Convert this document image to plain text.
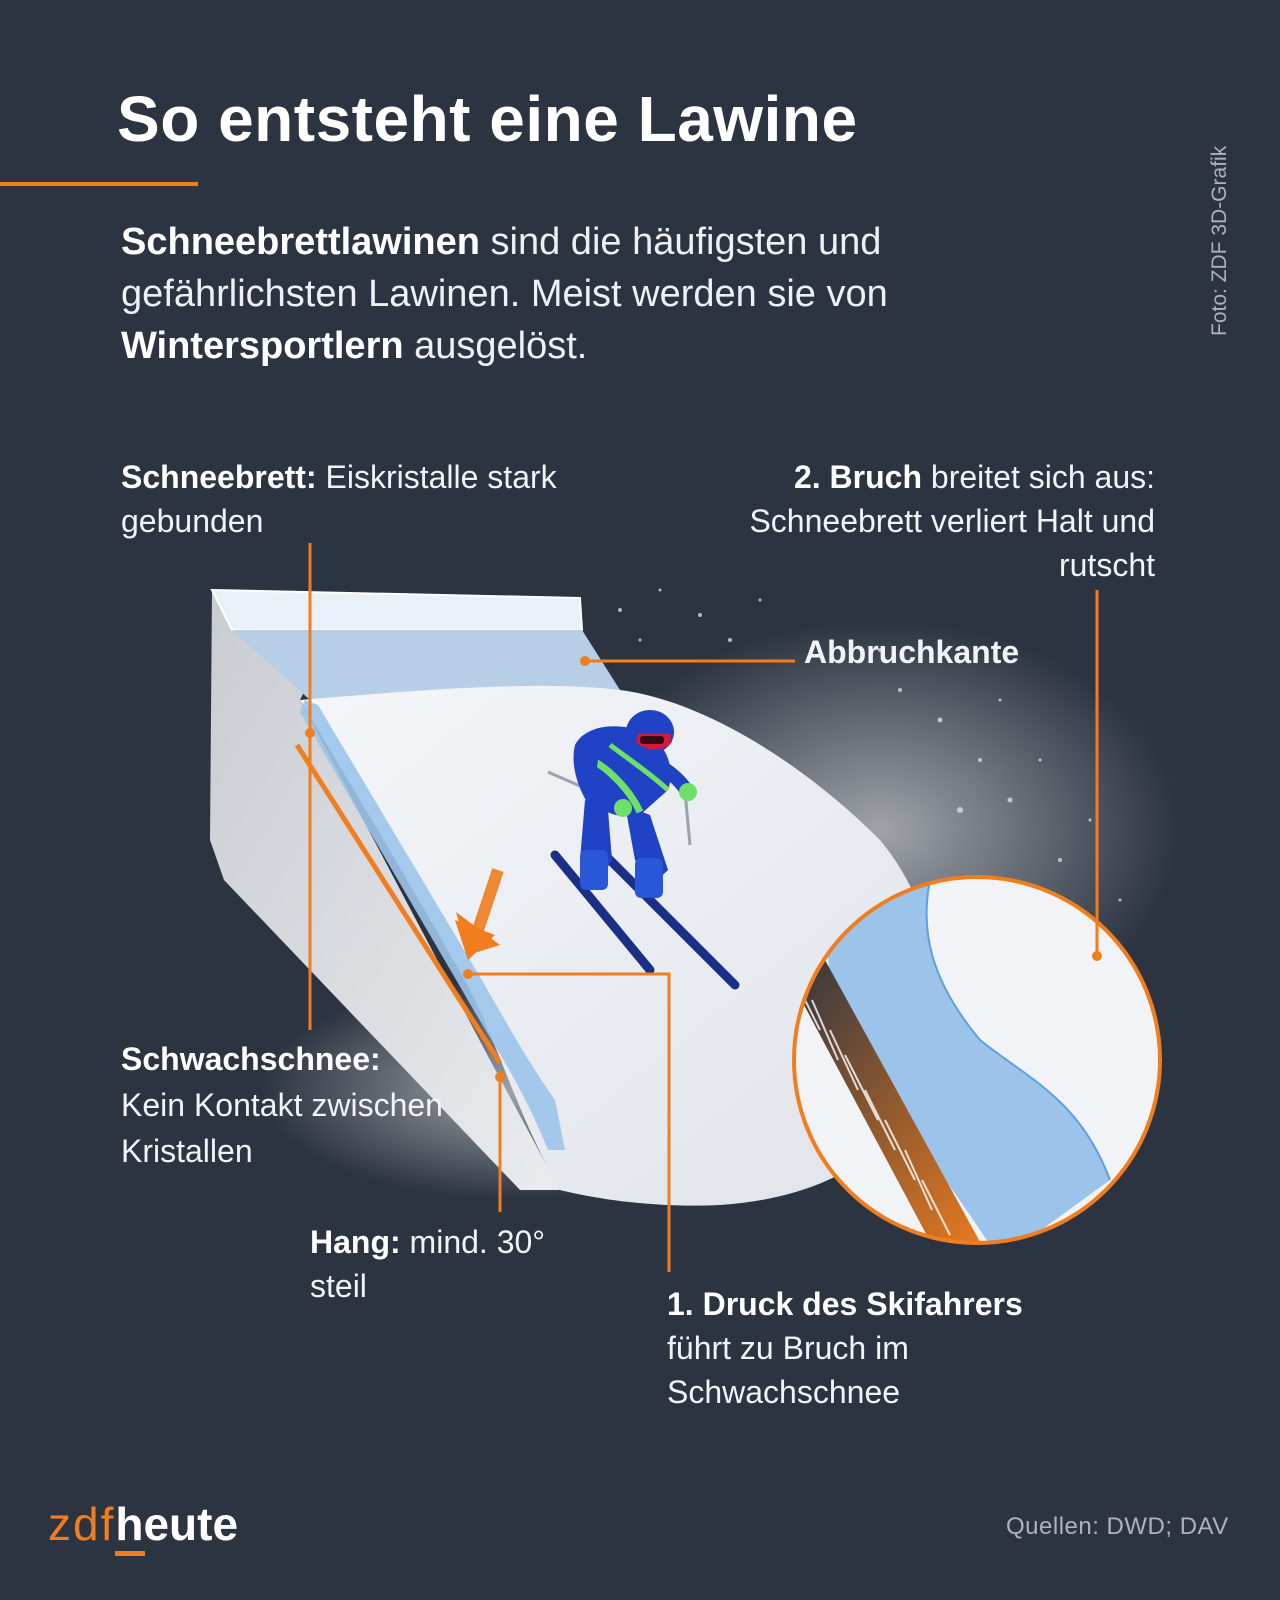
So entsteht eine Lawine
Foto: ZDF 3D-Grafik

Schneebrettlawinen sind die häufigsten und gefährlichsten Lawinen. Meist werden sie von Wintersportlern ausgelöst.

Schneebrett: Eiskristalle stark gebunden

2. Bruch breitet sich aus: Schneebrett verliert Halt und rutscht

Abbruchkante

Schwachschnee:
Kein Kontakt zwischen Kristallen

Hang: mind. 30° steil	1. Druck des Skifahrers
führt zu Bruch im Schwachschnee

zdfheute	Quellen: DWD; DAV
